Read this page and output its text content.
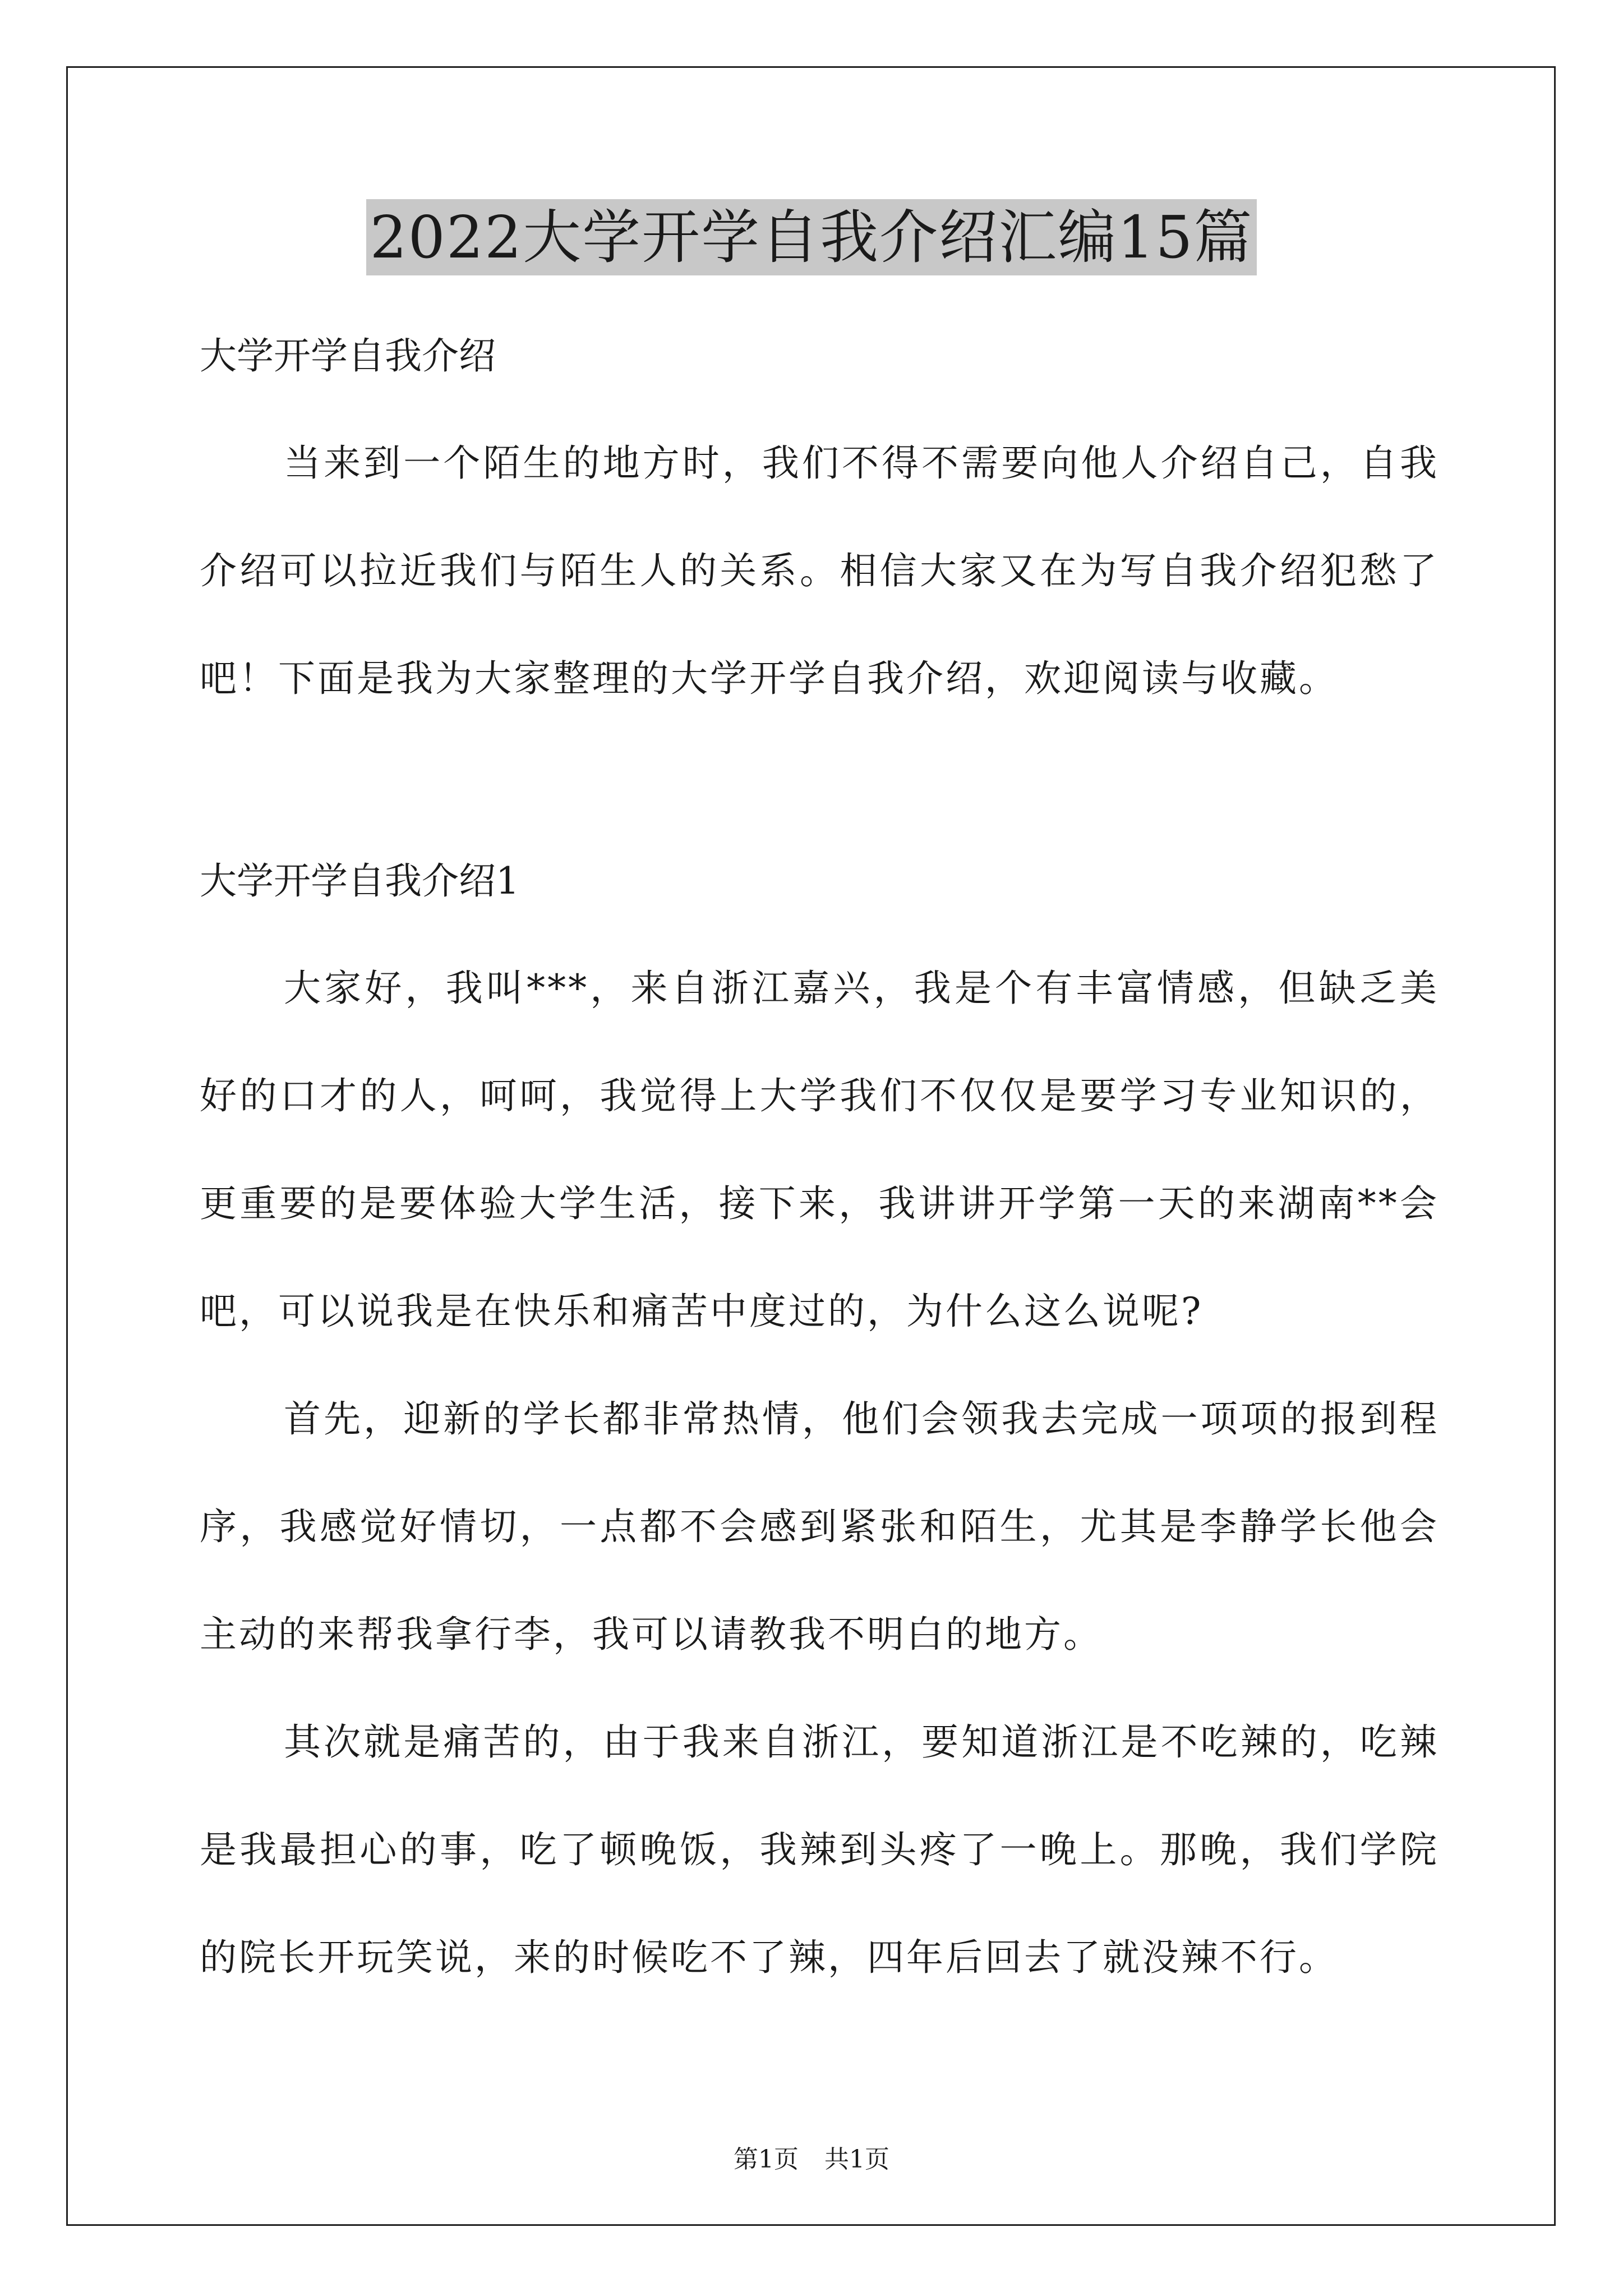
2022大学开学自我介绍汇编15篇

大学开学自我介绍

当来到一个陌生的地方时，我们不得不需要向他人介绍自己，自我介绍可以拉近我们与陌生人的关系。相信大家又在为写自我介绍犯愁了吧！下面是我为大家整理的大学开学自我介绍，欢迎阅读与收藏。

大学开学自我介绍1

大家好，我叫***，来自浙江嘉兴，我是个有丰富情感，但缺乏美好的口才的人，呵呵，我觉得上大学我们不仅仅是要学习专业知识的，更重要的是要体验大学生活，接下来，我讲讲开学第一天的来湖南**会吧，可以说我是在快乐和痛苦中度过的，为什么这么说呢?

首先，迎新的学长都非常热情，他们会领我去完成一项项的报到程序，我感觉好情切，一点都不会感到紧张和陌生，尤其是李静学长他会主动的来帮我拿行李，我可以请教我不明白的地方。

其次就是痛苦的，由于我来自浙江，要知道浙江是不吃辣的，吃辣是我最担心的事，吃了顿晚饭，我辣到头疼了一晚上。那晚，我们学院的院长开玩笑说，来的时候吃不了辣，四年后回去了就没辣不行。

第1页 共1页
